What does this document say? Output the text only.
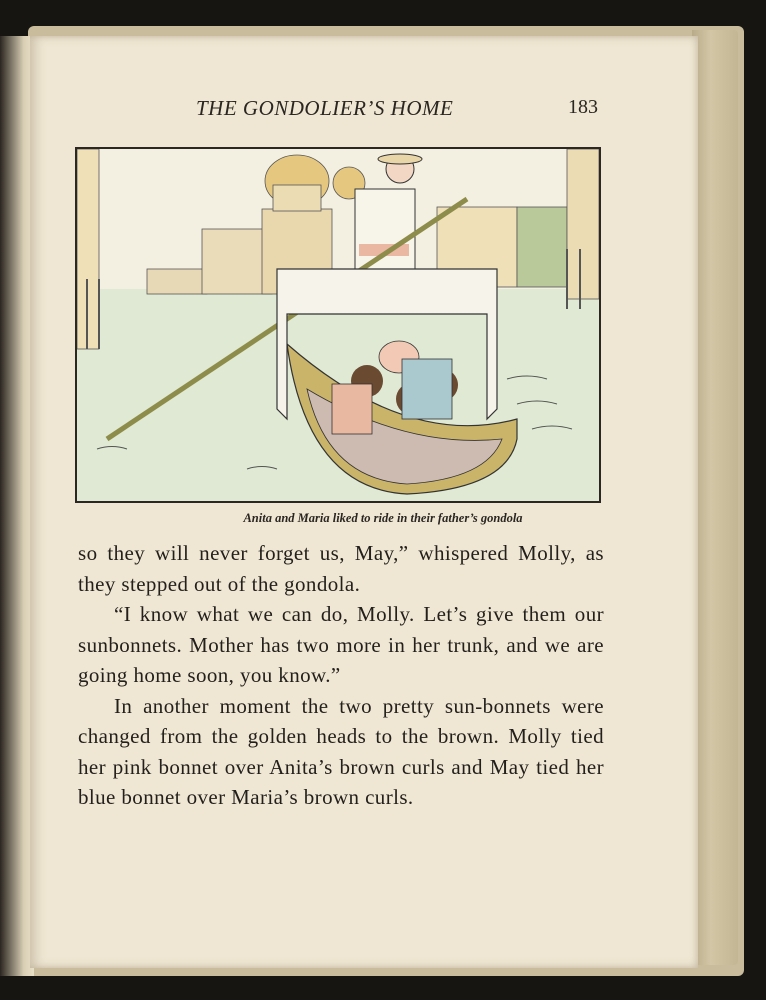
THE GONDOLIER’S HOME	183
Anita and Maria liked to ride in their father’s gondola

so they will never forget us, May,” whispered Molly, as they stepped out of the gondola.

“I know what we can do, Molly. Let’s give them our sunbonnets. Mother has two more in her trunk, and we are going home soon, you know.”

In another moment the two pretty sun-bonnets were changed from the golden heads to the brown. Molly tied her pink bonnet over Anita’s brown curls and May tied her blue bonnet over Maria’s brown curls.
